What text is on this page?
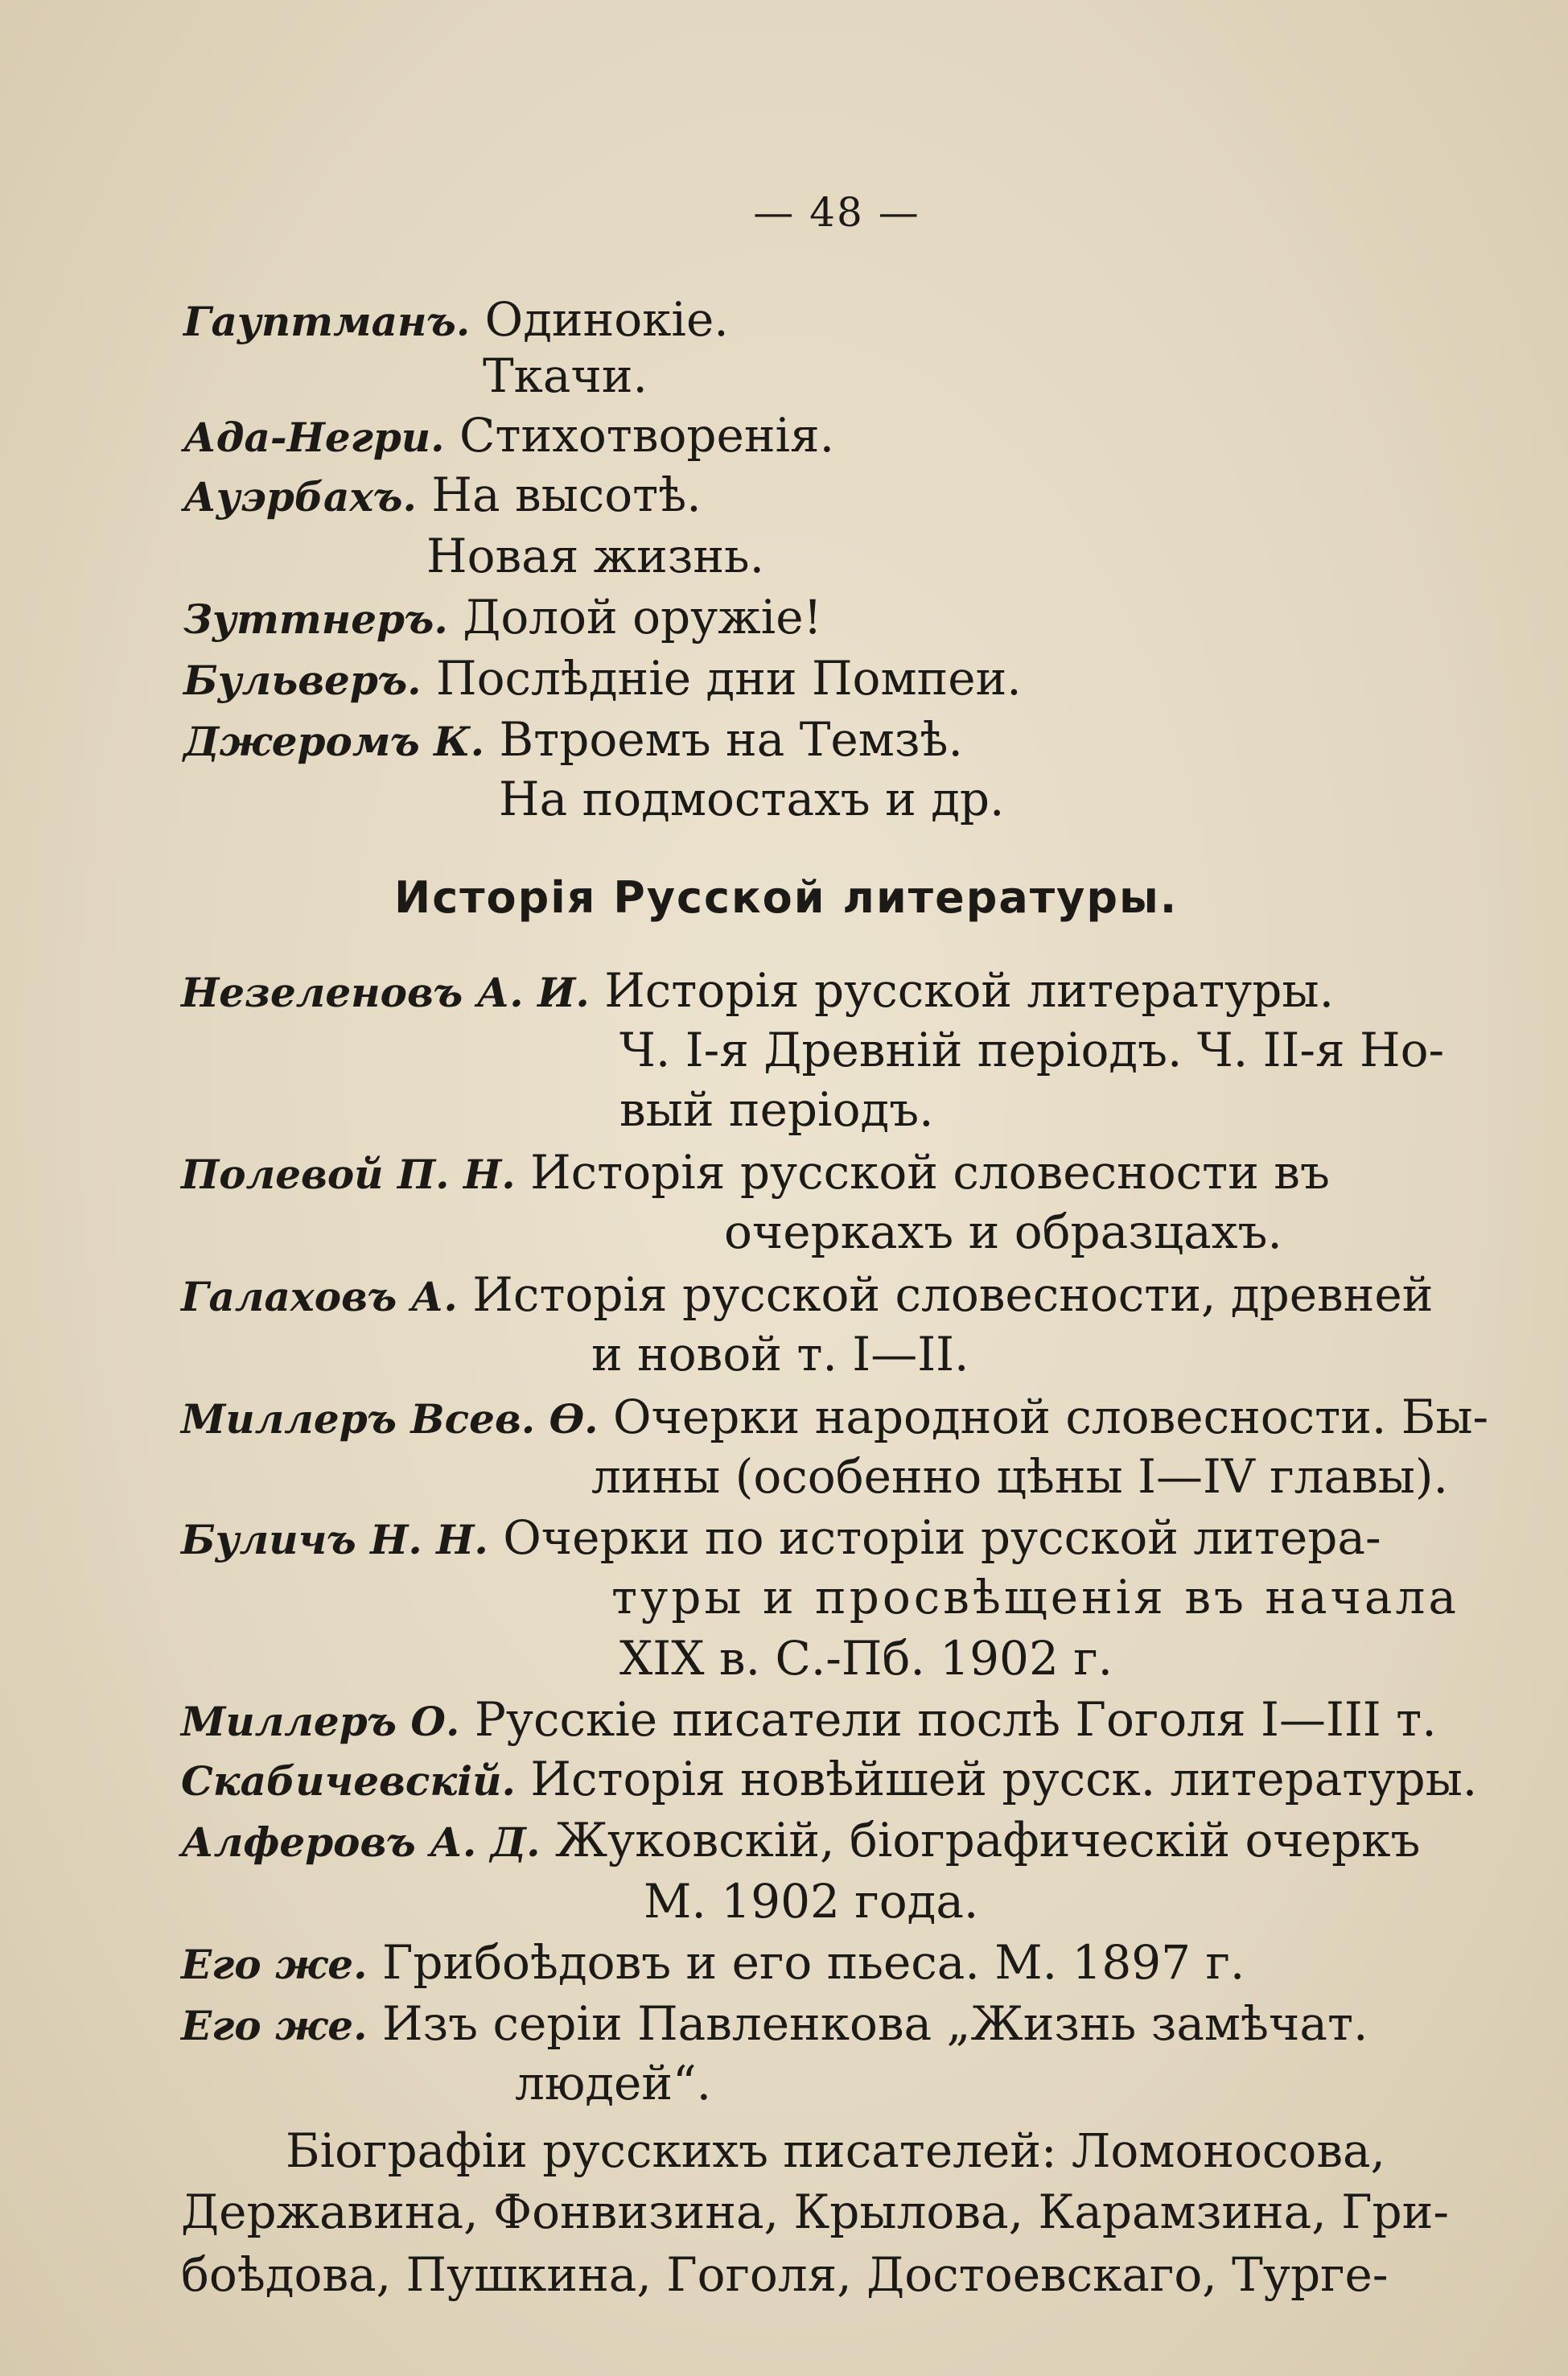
— 48 —
Гауптманъ. Одинокіе.
Ткачи.
Ада-Негри. Стихотворенія.
Ауэрбахъ. На высотѣ.
Новая жизнь.
Зуттнеръ. Долой оружіе!
Бульверъ. Послѣдніе дни Помпеи.
Джеромъ К. Втроемъ на Темзѣ.
На подмостахъ и др.
Исторія Русской литературы.
Незеленовъ А. И. Исторія русской литературы.
Ч. I-я Древній періодъ. Ч. II-я Но-
вый періодъ.
Полевой П. Н. Исторія русской словесности въ
очеркахъ и образцахъ.
Галаховъ А. Исторія русской словесности, древней
и новой т. I—II.
Миллеръ Всев. Ѳ. Очерки народной словесности. Бы-
лины (особенно цѣны I—IV главы).
Буличъ Н. Н. Очерки по исторіи русской литера-
туры и просвѣщенія въ начала
XIX в. С.-Пб. 1902 г.
Миллеръ О. Русскіе писатели послѣ Гоголя I—III т.
Скабичевскій. Исторія новѣйшей русск. литературы.
Алферовъ А. Д. Жуковскій, біографическій очеркъ
М. 1902 года.
Его же. Грибоѣдовъ и его пьеса. М. 1897 г.
Его же. Изъ серіи Павленкова „Жизнь замѣчат.
людей“.
Біографіи русскихъ писателей: Ломоносова,
Державина, Фонвизина, Крылова, Карамзина, Гри-
боѣдова, Пушкина, Гоголя, Достоевскаго, Турге-
